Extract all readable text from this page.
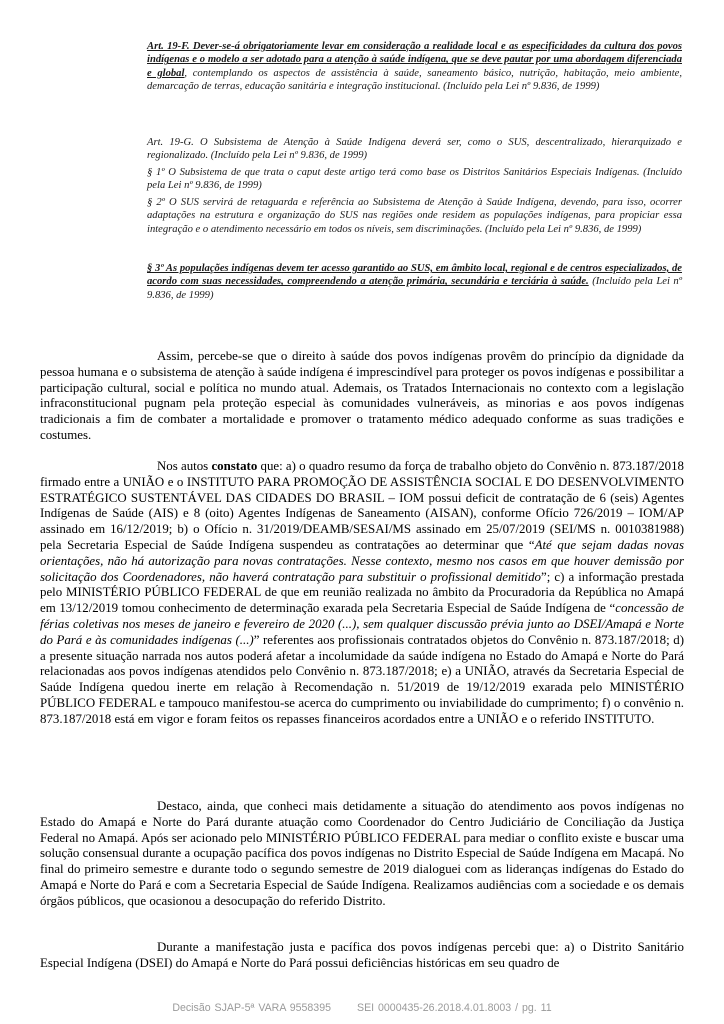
Art. 19-F. Dever-se-á obrigatoriamente levar em consideração a realidade local e as especificidades da cultura dos povos indígenas e o modelo a ser adotado para a atenção à saúde indígena, que se deve pautar por uma abordagem diferenciada e global, contemplando os aspectos de assistência à saúde, saneamento básico, nutrição, habitação, meio ambiente, demarcação de terras, educação sanitária e integração institucional. (Incluído pela Lei nº 9.836, de 1999)
Art. 19-G. O Subsistema de Atenção à Saúde Indígena deverá ser, como o SUS, descentralizado, hierarquizado e regionalizado. (Incluído pela Lei nº 9.836, de 1999)
§ 1º O Subsistema de que trata o caput deste artigo terá como base os Distritos Sanitários Especiais Indígenas. (Incluído pela Lei nº 9.836, de 1999)
§ 2º O SUS servirá de retaguarda e referência ao Subsistema de Atenção à Saúde Indígena, devendo, para isso, ocorrer adaptações na estrutura e organização do SUS nas regiões onde residem as populações indígenas, para propiciar essa integração e o atendimento necessário em todos os níveis, sem discriminações. (Incluído pela Lei nº 9.836, de 1999)
§ 3º As populações indígenas devem ter acesso garantido ao SUS, em âmbito local, regional e de centros especializados, de acordo com suas necessidades, compreendendo a atenção primária, secundária e terciária à saúde. (Incluído pela Lei nº 9.836, de 1999)
Assim, percebe-se que o direito à saúde dos povos indígenas provêm do princípio da dignidade da pessoa humana e o subsistema de atenção à saúde indígena é imprescindível para proteger os povos indígenas e possibilitar a participação cultural, social e política no mundo atual. Ademais, os Tratados Internacionais no contexto com a legislação infraconstitucional pugnam pela proteção especial às comunidades vulneráveis, as minorias e aos povos indígenas tradicionais a fim de combater a mortalidade e promover o tratamento médico adequado conforme as suas tradições e costumes.
Nos autos constato que: a) o quadro resumo da força de trabalho objeto do Convênio n. 873.187/2018 firmado entre a UNIÃO e o INSTITUTO PARA PROMOÇÃO DE ASSISTÊNCIA SOCIAL E DO DESENVOLVIMENTO ESTRATÉGICO SUSTENTÁVEL DAS CIDADES DO BRASIL – IOM possui deficit de contratação de 6 (seis) Agentes Indígenas de Saúde (AIS) e 8 (oito) Agentes Indígenas de Saneamento (AISAN), conforme Ofício 726/2019 – IOM/AP assinado em 16/12/2019; b) o Ofício n. 31/2019/DEAMB/SESAI/MS assinado em 25/07/2019 (SEI/MS n. 0010381988) pela Secretaria Especial de Saúde Indígena suspendeu as contratações ao determinar que “Até que sejam dadas novas orientações, não há autorização para novas contratações. Nesse contexto, mesmo nos casos em que houver demissão por solicitação dos Coordenadores, não haverá contratação para substituir o profissional demitido”; c) a informação prestada pelo MINISTÉRIO PÚBLICO FEDERAL de que em reunião realizada no âmbito da Procuradoria da República no Amapá em 13/12/2019 tomou conhecimento de determinação exarada pela Secretaria Especial de Saúde Indígena de “concessão de férias coletivas nos meses de janeiro e fevereiro de 2020 (...), sem qualquer discussão prévia junto ao DSEI/Amapá e Norte do Pará e às comunidades indígenas (...)” referentes aos profissionais contratados objetos do Convênio n. 873.187/2018; d) a presente situação narrada nos autos poderá afetar a incolumidade da saúde indígena no Estado do Amapá e Norte do Pará relacionadas aos povos indígenas atendidos pelo Convênio n. 873.187/2018; e) a UNIÃO, através da Secretaria Especial de Saúde Indígena quedou inerte em relação à Recomendação n. 51/2019 de 19/12/2019 exarada pelo MINISTÉRIO PÚBLICO FEDERAL e tampouco manifestou-se acerca do cumprimento ou inviabilidade do cumprimento; f) o convênio n. 873.187/2018 está em vigor e foram feitos os repasses financeiros acordados entre a UNIÃO e o referido INSTITUTO.
Destaco, ainda, que conheci mais detidamente a situação do atendimento aos povos indígenas no Estado do Amapá e Norte do Pará durante atuação como Coordenador do Centro Judiciário de Conciliação da Justiça Federal no Amapá. Após ser acionado pelo MINISTÉRIO PÚBLICO FEDERAL para mediar o conflito existe e buscar uma solução consensual durante a ocupação pacífica dos povos indígenas no Distrito Especial de Saúde Indígena em Macapá. No final do primeiro semestre e durante todo o segundo semestre de 2019 dialoguei com as lideranças indígenas do Estado do Amapá e Norte do Pará e com a Secretaria Especial de Saúde Indígena. Realizamos audiências com a sociedade e os demais órgãos públicos, que ocasionou a desocupação do referido Distrito.
Durante a manifestação justa e pacífica dos povos indígenas percebi que: a) o Distrito Sanitário Especial Indígena (DSEI) do Amapá e Norte do Pará possui deficiências históricas em seu quadro de
Decisão SJAP-5ª VARA 9558395 SEI 0000435-26.2018.4.01.8003 / pg. 11
